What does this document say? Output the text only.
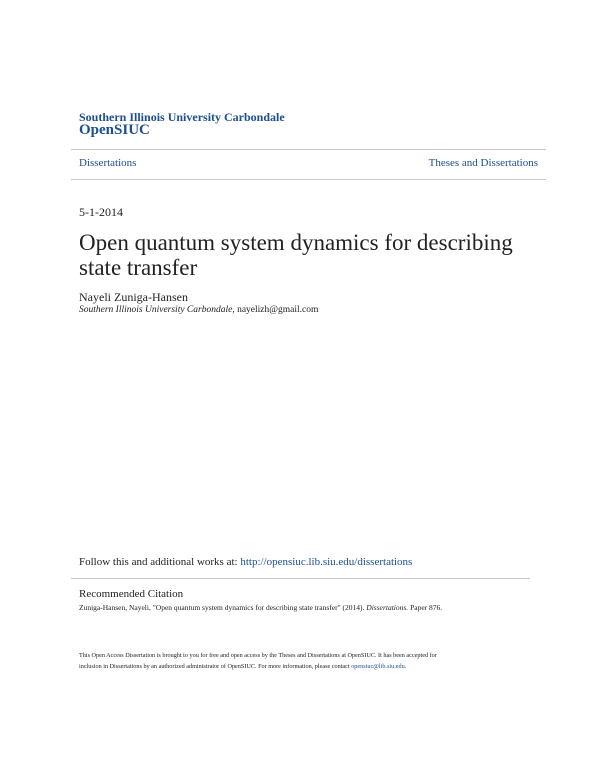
Southern Illinois University Carbondale
OpenSIUC
Dissertations	Theses and Dissertations
5-1-2014
Open quantum system dynamics for describing state transfer
Nayeli Zuniga-Hansen
Southern Illinois University Carbondale, nayelizh@gmail.com
Follow this and additional works at: http://opensiuc.lib.siu.edu/dissertations
Recommended Citation
Zuniga-Hansen, Nayeli, "Open quantum system dynamics for describing state transfer" (2014). Dissertations. Paper 876.
This Open Access Dissertation is brought to you for free and open access by the Theses and Dissertations at OpenSIUC. It has been accepted for
inclusion in Dissertations by an authorized administrator of OpenSIUC. For more information, please contact opensiuc@lib.siu.edu.
